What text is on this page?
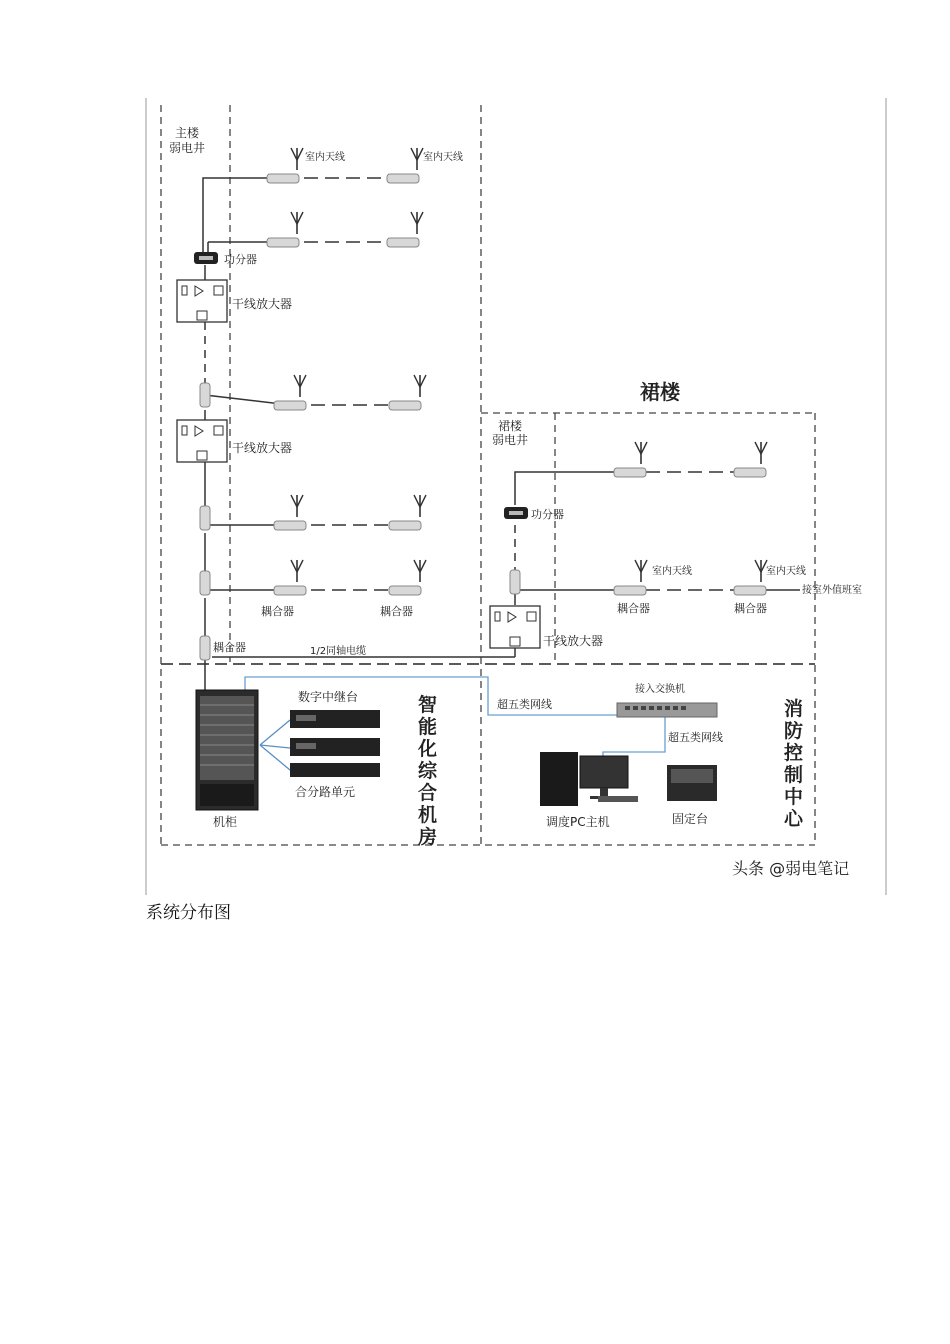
主楼
弱电井
室内天线	室内天线
功分器
干线放大器
干线放大器
耦合器	耦合器
耦合器	1/2同轴电缆
裙楼
裙楼
弱电井
功分器
室内天线	室内天线
接室外值班室
耦合器	耦合器
干线放大器
数字中继台
合分路单元
机柜
超五类网线
接入交换机
超五类网线
调度PC主机	固定台
智
能
化
综
合
机
房
消
防
控
制
中
心
头条 @弱电笔记
系统分布图
